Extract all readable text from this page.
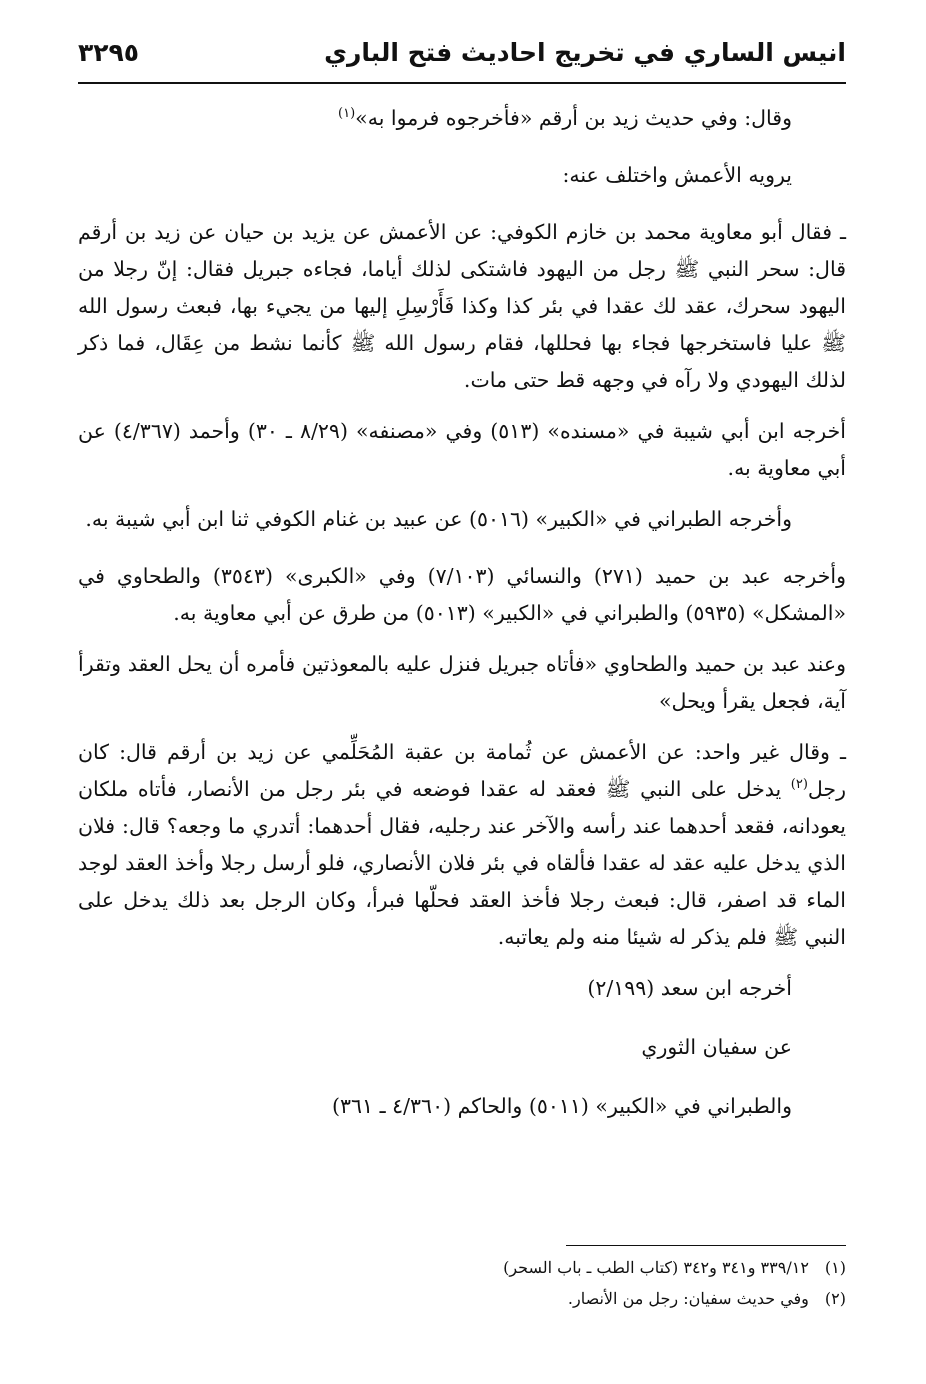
انيس الساري في تخريج احاديث فتح الباري
٣٢٩٥

وقال: وفي حديث زيد بن أرقم «فأخرجوه فرموا به»$^{(١)}$

يرويه الأعمش واختلف عنه:

ـ فقال أبو معاوية محمد بن خازم الكوفي: عن الأعمش عن يزيد بن حيان عن زيد بن أرقم قال: سحر النبي ﷺ رجل من اليهود فاشتكى لذلك أياما، فجاءه جبريل فقال: إنّ رجلا من اليهود سحرك، عقد لك عقدا في بئر كذا وكذا فَأَرْسِلِ إليها من يجيء بها، فبعث رسول الله ﷺ عليا فاستخرجها فجاء بها فحللها، فقام رسول الله ﷺ كأنما نشط من عِقَال، فما ذكر لذلك اليهودي ولا رآه في وجهه قط حتى مات.

أخرجه ابن أبي شيبة في «مسنده» (٥١٣) وفي «مصنفه» (٨/٢٩ ـ ٣٠) وأحمد (٤/٣٦٧) عن أبي معاوية به.

وأخرجه الطبراني في «الكبير» (٥٠١٦) عن عبيد بن غنام الكوفي ثنا ابن أبي شيبة به.

وأخرجه عبد بن حميد (٢٧١) والنسائي (٧/١٠٣) وفي «الكبرى» (٣٥٤٣) والطحاوي في «المشكل» (٥٩٣٥) والطبراني في «الكبير» (٥٠١٣) من طرق عن أبي معاوية به.

وعند عبد بن حميد والطحاوي «فأتاه جبريل فنزل عليه بالمعوذتين فأمره أن يحل العقد وتقرأ آية، فجعل يقرأ ويحل»

ـ وقال غير واحد: عن الأعمش عن ثُمامة بن عقبة المُحَلِّمي عن زيد بن أرقم قال: كان رجل$^{(٢)}$ يدخل على النبي ﷺ فعقد له عقدا فوضعه في بئر رجل من الأنصار، فأتاه ملكان يعودانه، فقعد أحدهما عند رأسه والآخر عند رجليه، فقال أحدهما: أتدري ما وجعه؟ قال: فلان الذي يدخل عليه عقد له عقدا فألقاه في بئر فلان الأنصاري، فلو أرسل رجلا وأخذ العقد لوجد الماء قد اصفر، قال: فبعث رجلا فأخذ العقد فحلّها فبرأ، وكان الرجل بعد ذلك يدخل على النبي ﷺ فلم يذكر له شيئا منه ولم يعاتبه.

أخرجه ابن سعد (٢/١٩٩)

عن سفيان الثوري

والطبراني في «الكبير» (٥٠١١) والحاكم (٤/٣٦٠ ـ ٣٦١)

(١)
٣٣٩/١٢ و٣٤١ و٣٤٢ (كتاب الطب ـ باب السحر)
(٢)
وفي حديث سفيان: رجل من الأنصار.
